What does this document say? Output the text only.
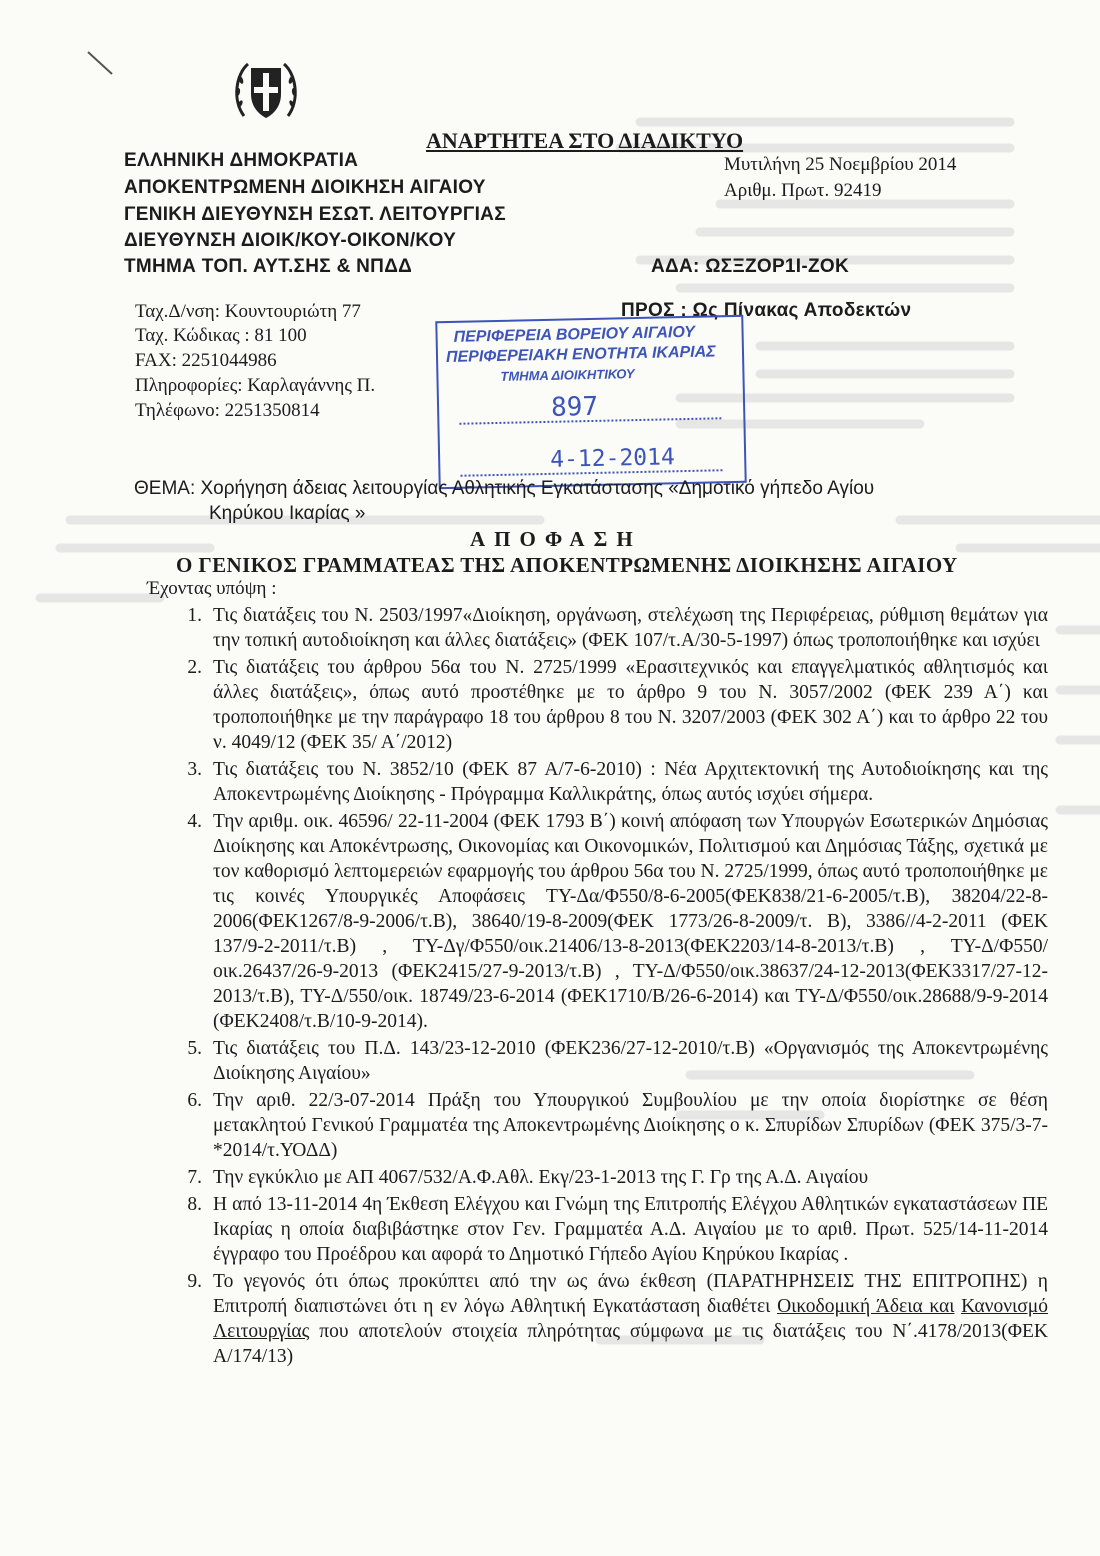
ΑΝΑΡΤΗΤΕΑ ΣΤΟ ΔΙΑΔΙΚΤΥΟ
ΕΛΛΗΝΙΚΗ ΔΗΜΟΚΡΑΤΙΑ
ΑΠΟΚΕΝΤΡΩΜΕΝΗ ΔΙΟΙΚΗΣΗ ΑΙΓΑΙΟΥ
ΓΕΝΙΚΗ ΔΙΕΥΘΥΝΣΗ ΕΣΩΤ. ΛΕΙΤΟΥΡΓΙΑΣ
ΔΙΕΥΘΥΝΣΗ ΔΙΟΙΚ/ΚΟΥ-ΟΙΚΟΝ/ΚΟΥ
ΤΜΗΜΑ ΤΟΠ. ΑΥΤ.ΣΗΣ & ΝΠΔΔ
Μυτιλήνη 25 Νοεμβρίου 2014
Αριθμ. Πρωτ. 92419
ΑΔΑ: ΩΣΞΖΟΡ1Ι-ΖΟΚ
Ταχ.Δ/νση: Κουντουριώτη 77
Ταχ. Κώδικας : 81 100
FAX: 2251044986
Πληροφορίες: Καρλαγάννης Π.
Τηλέφωνο: 2251350814
ΠΡΟΣ : Ως Πίνακας Αποδεκτών
ΠΕΡΙΦΕΡΕΙΑ ΒΟΡΕΙΟΥ ΑΙΓΑΙΟΥ
ΠΕΡΙΦΕΡΕΙΑΚΗ ΕΝΟΤΗΤΑ ΙΚΑΡΙΑΣ
ΤΜΗΜΑ ΔΙΟΙΚΗΤΙΚΟΥ
897
4-12-2014
ΘΕΜΑ: Χορήγηση άδειας λειτουργίας Αθλητικής Εγκατάστασης «Δημοτικό γήπεδο Αγίου
Κηρύκου Ικαρίας »
ΑΠΟΦΑΣΗ
Ο ΓΕΝΙΚΟΣ ΓΡΑΜΜΑΤΕΑΣ ΤΗΣ ΑΠΟΚΕΝΤΡΩΜΕΝΗΣ ΔΙΟΙΚΗΣΗΣ ΑΙΓΑΙΟΥ
Έχοντας υπόψη :
1. Τις διατάξεις του Ν. 2503/1997«Διοίκηση, οργάνωση, στελέχωση της Περιφέρειας, ρύθμιση θεμάτων για την τοπική αυτοδιοίκηση και άλλες διατάξεις» (ΦΕΚ 107/τ.Α/30-5-1997) όπως τροποποιήθηκε και ισχύει
2. Τις διατάξεις του άρθρου 56α του Ν. 2725/1999 «Ερασιτεχνικός και επαγγελματικός αθλητισμός και άλλες διατάξεις», όπως αυτό προστέθηκε με το άρθρο 9 του Ν. 3057/2002 (ΦΕΚ 239 Α΄) και τροποποιήθηκε με την παράγραφο 18 του άρθρου 8 του Ν. 3207/2003 (ΦΕΚ 302 Α΄) και το άρθρο 22 του ν. 4049/12 (ΦΕΚ 35/ Α΄/2012)
3. Τις διατάξεις του Ν. 3852/10 (ΦΕΚ 87 Α/7-6-2010) : Νέα Αρχιτεκτονική της Αυτοδιοίκησης και της Αποκεντρωμένης Διοίκησης - Πρόγραμμα Καλλικράτης, όπως αυτός ισχύει σήμερα.
4. Την αριθμ. οικ. 46596/ 22-11-2004 (ΦΕΚ 1793 Β΄) κοινή απόφαση των Υπουργών Εσωτερικών Δημόσιας Διοίκησης και Αποκέντρωσης, Οικονομίας και Οικονομικών, Πολιτισμού και Δημόσιας Τάξης, σχετικά με τον καθορισμό λεπτομερειών εφαρμογής του άρθρου 56α του Ν. 2725/1999, όπως αυτό τροποποιήθηκε με τις κοινές Υπουργικές Αποφάσεις ΤΥ-Δα/Φ550/8-6-2005(ΦΕΚ838/21-6-2005/τ.Β), 38204/22-8-2006(ΦΕΚ1267/8-9-2006/τ.Β), 38640/19-8-2009(ΦΕΚ 1773/26-8-2009/τ. Β), 3386//4-2-2011 (ΦΕΚ 137/9-2-2011/τ.Β) , ΤΥ-Δγ/Φ550/οικ.21406/13-8-2013(ΦΕΚ2203/14-8-2013/τ.Β) , ΤΥ-Δ/Φ550/οικ.26437/26-9-2013 (ΦΕΚ2415/27-9-2013/τ.Β) , ΤΥ-Δ/Φ550/οικ.38637/24-12-2013(ΦΕΚ3317/27-12-2013/τ.Β), ΤΥ-Δ/550/οικ. 18749/23-6-2014 (ΦΕΚ1710/Β/26-6-2014) και ΤΥ-Δ/Φ550/οικ.28688/9-9-2014 (ΦΕΚ2408/τ.Β/10-9-2014).
5. Τις διατάξεις του Π.Δ. 143/23-12-2010 (ΦΕΚ236/27-12-2010/τ.Β) «Οργανισμός της Αποκεντρωμένης Διοίκησης Αιγαίου»
6. Την αριθ. 22/3-07-2014 Πράξη του Υπουργικού Συμβουλίου με την οποία διορίστηκε σε θέση μετακλητού Γενικού Γραμματέα της Αποκεντρωμένης Διοίκησης ο κ. Σπυρίδων Σπυρίδων (ΦΕΚ 375/3-7-*2014/τ.ΥΟΔΔ)
7. Την εγκύκλιο με ΑΠ 4067/532/Α.Φ.Αθλ. Εκγ/23-1-2013 της Γ. Γρ της Α.Δ. Αιγαίου
8. Η από 13-11-2014 4η Έκθεση Ελέγχου και Γνώμη της Επιτροπής Ελέγχου Αθλητικών εγκαταστάσεων ΠΕ Ικαρίας η οποία διαβιβάστηκε στον Γεν. Γραμματέα Α.Δ. Αιγαίου με το αριθ. Πρωτ. 525/14-11-2014 έγγραφο του Προέδρου και αφορά το Δημοτικό Γήπεδο Αγίου Κηρύκου Ικαρίας .
9. Το γεγονός ότι όπως προκύπτει από την ως άνω έκθεση (ΠΑΡΑΤΗΡΗΣΕΙΣ ΤΗΣ ΕΠΙΤΡΟΠΗΣ) η Επιτροπή διαπιστώνει ότι η εν λόγω Αθλητική Εγκατάσταση διαθέτει Οικοδομική Άδεια και Κανονισμό Λειτουργίας που αποτελούν στοιχεία πληρότητας σύμφωνα με τις διατάξεις του Ν΄.4178/2013(ΦΕΚ Α/174/13)
